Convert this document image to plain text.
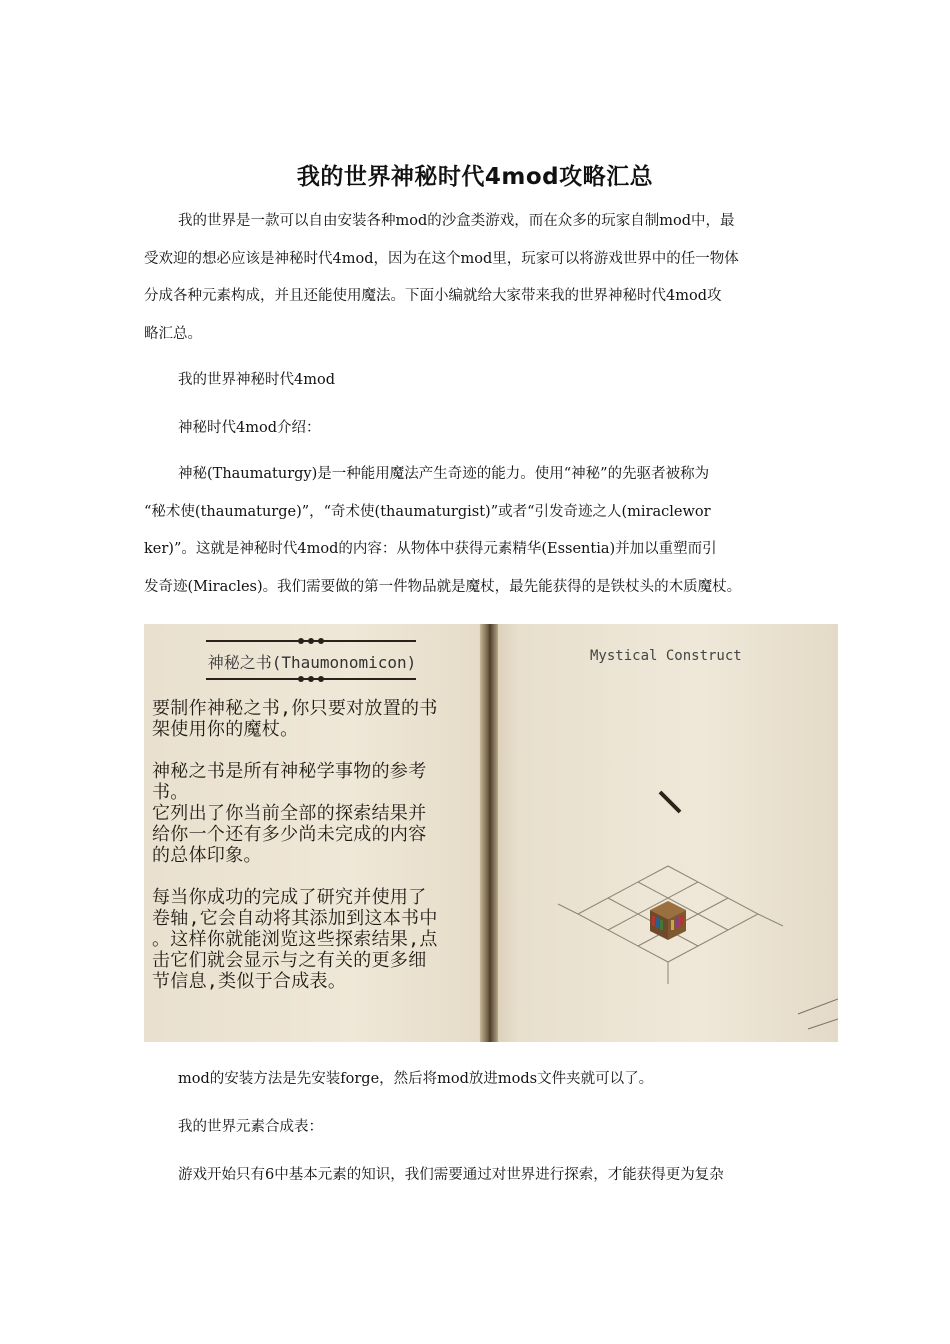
我的世界神秘时代4mod攻略汇总

我的世界是一款可以自由安装各种mod的沙盒类游戏，而在众多的玩家自制mod中，最
受欢迎的想必应该是神秘时代4mod，因为在这个mod里，玩家可以将游戏世界中的任一物体
分成各种元素构成，并且还能使用魔法。下面小编就给大家带来我的世界神秘时代4mod攻
略汇总。

我的世界神秘时代4mod

神秘时代4mod介绍：

神秘(Thaumaturgy)是一种能用魔法产生奇迹的能力。使用“神秘”的先驱者被称为
“秘术使(thaumaturge)”，“奇术使(thaumaturgist)”或者“引发奇迹之人(miraclewor
ker)”。这就是神秘时代4mod的内容：从物体中获得元素精华(Essentia)并加以重塑而引
发奇迹(Miracles)。我们需要做的第一件物品就是魔杖，最先能获得的是铁杖头的木质魔杖。

神秘之书(Thaumonomicon)
要制作神秘之书,你只要对放置的书
架使用你的魔杖。
神秘之书是所有神秘学事物的参考
书。
它列出了你当前全部的探索结果并
给你一个还有多少尚未完成的内容
的总体印象。
每当你成功的完成了研究并使用了
卷轴,它会自动将其添加到这本书中
。这样你就能浏览这些探索结果,点
击它们就会显示与之有关的更多细
节信息,类似于合成表。
Mystical Construct

mod的安装方法是先安装forge，然后将mod放进mods文件夹就可以了。

我的世界元素合成表：

游戏开始只有6中基本元素的知识，我们需要通过对世界进行探索，才能获得更为复杂
